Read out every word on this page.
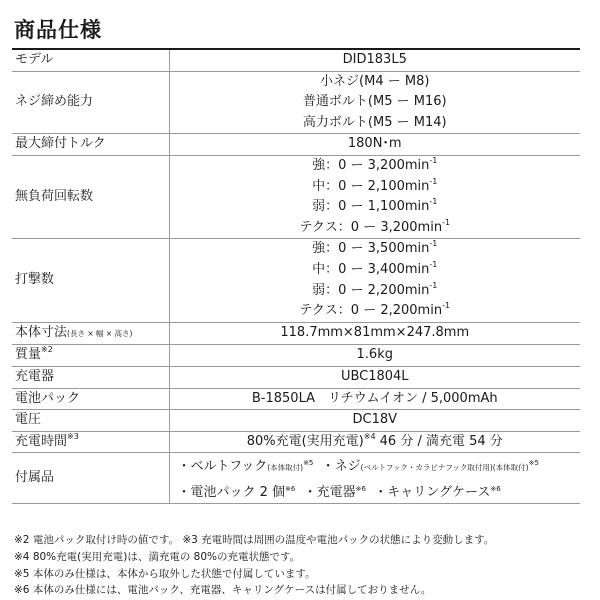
商品仕様
モデル	DID183L5
ネジ締め能力	小ネジ(M4 ー M8)
普通ボルト(M5 ー M16)
高力ボルト(M5 ー M14)

最大締付トルク	180N･m
無負荷回転数	強：0 ー $3,200\min^{-1}$
中：0 ー $2,100\min^{-1}$
弱：0 ー $1,100\min^{-1}$
テクス：0 ー $3,200\min^{-1}$

打撃数	強：0 ー $3,500\min^{-1}$
中：0 ー $3,400\min^{-1}$
弱：0 ー $2,200\min^{-1}$
テクス：0 ー $2,200\min^{-1}$

本体寸法(長さ × 幅 × 高さ)	118.7mm×81mm×247.8mm
質量$^{※2}$	1.6kg
充電器	UBC1804L
電池パック	B-1850LA　リチウムイオン / 5,000mAh
電圧	DC18V
充電時間$^{※3}$	80%充電(実用充電)$^{※4}$ 46 分 / 満充電 54 分
付属品	・ベルトフック(本体取付)$^{※5}$ ・ネジ(ベルトフック・カラビナフック取付用)(本体取付)$^{※5}$
・電池パック 2 個$^{※6}$ ・充電器$^{※6}$ ・キャリングケース$^{※6}$
※2 電池パック取付け時の値です。 ※3 充電時間は周囲の温度や電池パックの状態により変動します。
※4 80%充電(実用充電)は、満充電の 80%の充電状態です。
※5 本体のみ仕様は、本体から取外した状態で付属しています。
※6 本体のみ仕様には、電池パック、充電器、キャリングケースは付属しておりません。
